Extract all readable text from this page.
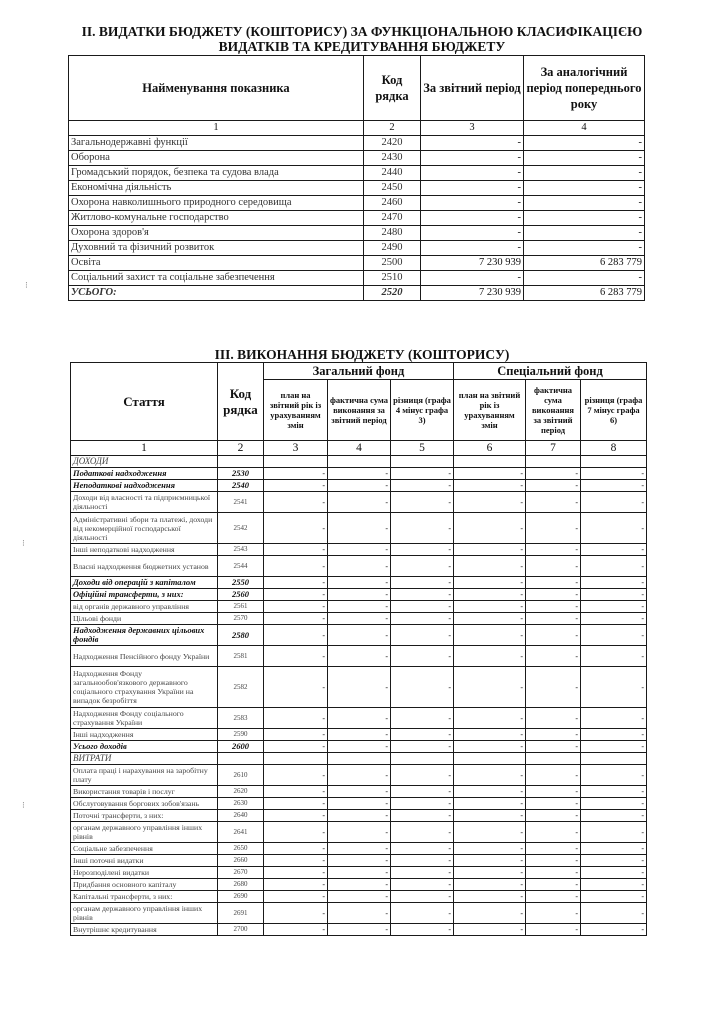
II. ВИДАТКИ БЮДЖЕТУ (КОШТОРИСУ) ЗА ФУНКЦІОНАЛЬНОЮ КЛАСИФІКАЦІЄЮ
ВИДАТКІВ ТА КРЕДИТУВАННЯ БЮДЖЕТУ
Найменування показника	Код рядка	За звітний період	За аналогічний період попереднього року
1	2	3	4
Загальнодержавні функції	2420	-	-
Оборона	2430	-	-
Громадський порядок, безпека та судова влада	2440	-	-
Економічна діяльність	2450	-	-
Охорона навколишнього природного середовища	2460	-	-
Житлово-комунальне господарство	2470	-	-
Охорона здоров'я	2480	-	-
Духовний та фізичний розвиток	2490	-	-
Освіта	2500	7 230 939	6 283 779
Соціальний захист та соціальне забезпечення	2510	-	-
УСЬОГО:	2520	7 230 939	6 283 779
III. ВИКОНАННЯ БЮДЖЕТУ (КОШТОРИСУ)
Стаття	Код рядка	Загальний фонд			Спеціальний фонд		
		план на звітний рік із урахуванням змін	фактична сума виконання за звітний період	різниця (графа 4 мінус графа 3)	план на звітний рік із урахуванням змін	фактична сума виконання за звітний період	різниця (графа 7 мінус графа 6)
1	2	3	4	5	6	7	8
ДОХОДИ							
Податкові надходження	2530	-	-	-	-	-	-
Неподаткові надходження	2540	-	-	-	-	-	-
Доходи від власності та підприємницької діяльності	2541	-	-	-	-	-	-
Адміністративні збори та платежі, доходи від некомерційної господарської діяльності	2542	-	-	-	-	-	-
Інші неподаткові надходження	2543	-	-	-	-	-	-
Власні надходження бюджетних установ	2544	-	-	-	-	-	-
Доходи від операцій з капіталом	2550	-	-	-	-	-	-
Офіційні трансферти, з них:	2560	-	-	-	-	-	-
від органів державного управління	2561	-	-	-	-	-	-
Цільові фонди	2570	-	-	-	-	-	-
Надходження державних цільових фондів	2580	-	-	-	-	-	-
Надходження Пенсійного фонду України	2581	-	-	-	-	-	-
Надходження Фонду загальнообов'язкового державного соціального страхування України на випадок безробіття	2582	-	-	-	-	-	-
Надходження Фонду соціального страхування України	2583	-	-	-	-	-	-
Інші надходження	2590	-	-	-	-	-	-
Усього доходів	2600	-	-	-	-	-	-
ВИТРАТИ							
Оплата праці і нарахування на заробітну плату	2610	-	-	-	-	-	-
Використання товарів і послуг	2620	-	-	-	-	-	-
Обслуговування боргових зобов'язань	2630	-	-	-	-	-	-
Поточні трансферти, з них:	2640	-	-	-	-	-	-
органам державного управління інших рівнів	2641	-	-	-	-	-	-
Соціальне забезпечення	2650	-	-	-	-	-	-
Інші поточні видатки	2660	-	-	-	-	-	-
Нерозподілені видатки	2670	-	-	-	-	-	-
Придбання основного капіталу	2680	-	-	-	-	-	-
Капітальні трансферти, з них:	2690	-	-	-	-	-	-
органам державного управління інших рівнів	2691	-	-	-	-	-	-
Внутрішнє кредитування	2700	-	-	-	-	-	-
⁝
⁝
⁝
